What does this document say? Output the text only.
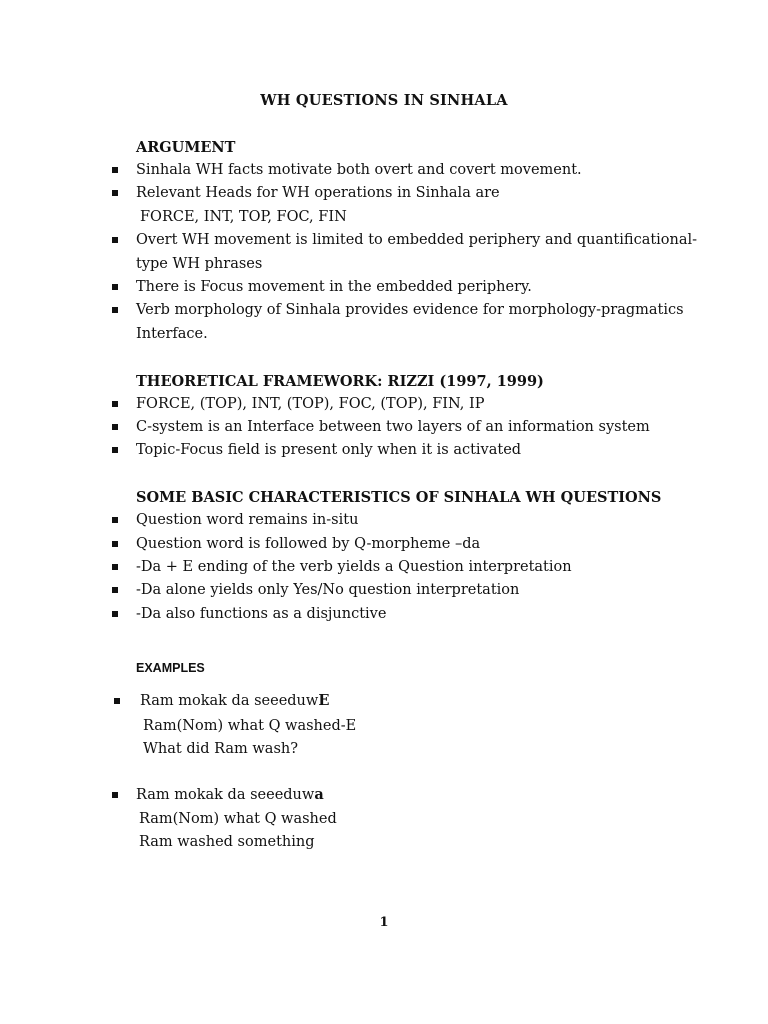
WH QUESTIONS IN SINHALA
ARGUMENT
Sinhala WH facts motivate both overt and covert movement.
Relevant Heads for WH operations in Sinhala are
FORCE, INT, TOP, FOC, FIN
Overt WH movement is limited to embedded periphery and quantificational-
type WH phrases
There is Focus movement in the embedded periphery.
Verb morphology of Sinhala provides evidence for morphology-pragmatics
Interface.
THEORETICAL FRAMEWORK: RIZZI (1997, 1999)
FORCE, (TOP), INT, (TOP), FOC, (TOP), FIN, IP
C-system is an Interface between two layers of an information system
Topic-Focus field is present only when it is activated
SOME BASIC CHARACTERISTICS OF SINHALA WH QUESTIONS
Question word remains in-situ
Question word is followed by Q-morpheme –da
-Da + E ending of the verb yields a Question interpretation
-Da alone yields only Yes/No question interpretation
-Da also functions as a disjunctive
EXAMPLES
Ram mokak da seeeduwE
Ram(Nom) what Q washed-E
What did Ram wash?
Ram mokak da seeeduwa
Ram(Nom) what Q washed
Ram washed something
1
